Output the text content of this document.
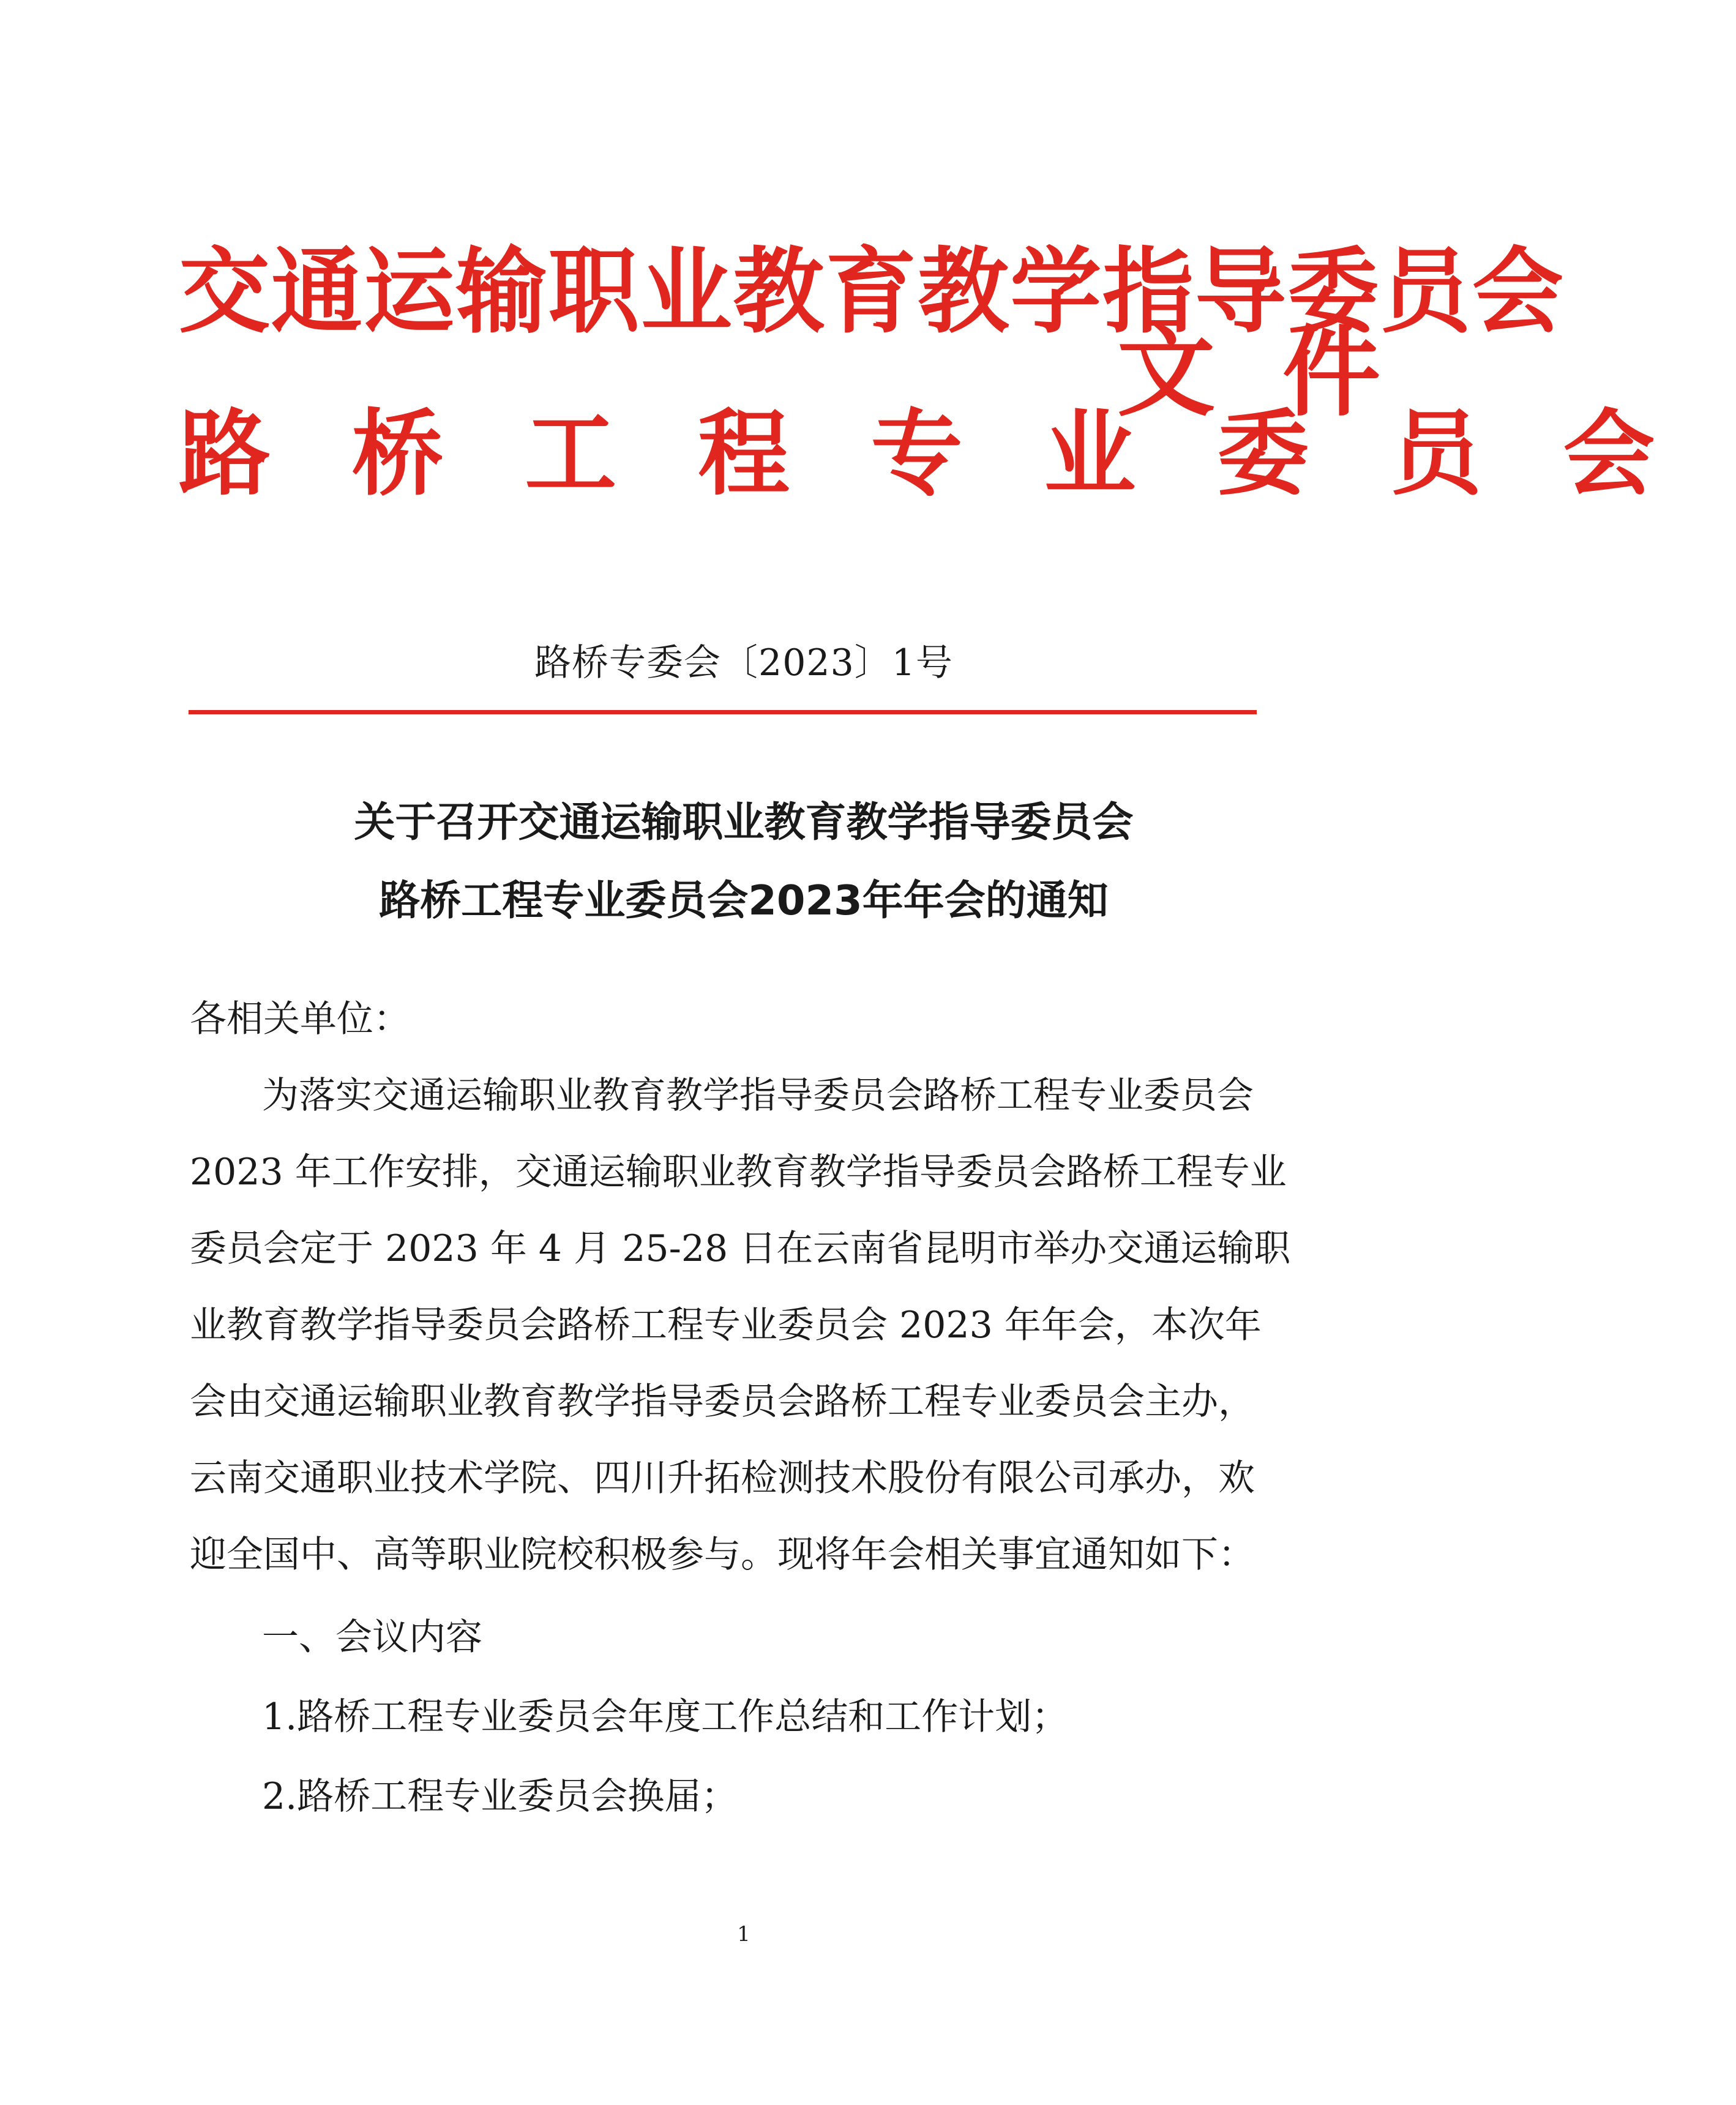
交通运输职业教育教学指导委员会
路桥工程专业委员会
文件
路桥专委会〔2023〕1号
关于召开交通运输职业教育教学指导委员会
路桥工程专业委员会2023年年会的通知
各相关单位：
为落实交通运输职业教育教学指导委员会路桥工程专业委员会
2023 年工作安排，交通运输职业教育教学指导委员会路桥工程专业
委员会定于 2023 年 4 月 25-28 日在云南省昆明市举办交通运输职
业教育教学指导委员会路桥工程专业委员会 2023 年年会，本次年
会由交通运输职业教育教学指导委员会路桥工程专业委员会主办，
云南交通职业技术学院、四川升拓检测技术股份有限公司承办，欢
迎全国中、高等职业院校积极参与。现将年会相关事宜通知如下：
一、会议内容
1.路桥工程专业委员会年度工作总结和工作计划；
2.路桥工程专业委员会换届；
1
